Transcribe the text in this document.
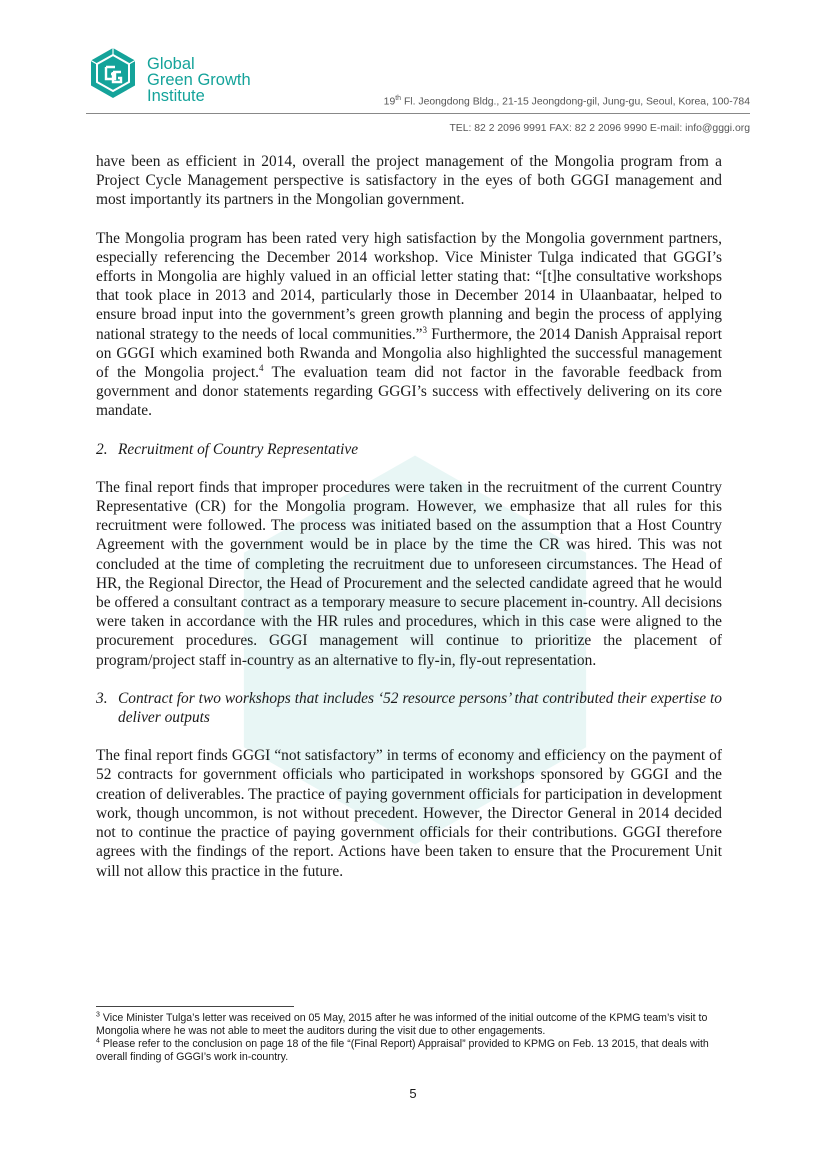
Global
Green Growth
Institute	19th Fl. Jeongdong Bldg., 21-15 Jeongdong-gil, Jung-gu, Seoul, Korea, 100-784
TEL: 82 2 2096 9991 FAX: 82 2 2096 9990 E-mail: info@gggi.org

have been as efficient in 2014, overall the project management of the Mongolia program from a Project Cycle Management perspective is satisfactory in the eyes of both GGGI management and most importantly its partners in the Mongolian government.

The Mongolia program has been rated very high satisfaction by the Mongolia government partners, especially referencing the December 2014 workshop. Vice Minister Tulga indicated that GGGI’s efforts in Mongolia are highly valued in an official letter stating that: “[t]he consultative workshops that took place in 2013 and 2014, particularly those in December 2014 in Ulaanbaatar, helped to ensure broad input into the government’s green growth planning and begin the process of applying national strategy to the needs of local communities.”$^3$ Furthermore, the 2014 Danish Appraisal report on GGGI which examined both Rwanda and Mongolia also highlighted the successful management of the Mongolia project.$^4$ The evaluation team did not factor in the favorable feedback from government and donor statements regarding GGGI’s success with effectively delivering on its core mandate.

2. Recruitment of Country Representative

The final report finds that improper procedures were taken in the recruitment of the current Country Representative (CR) for the Mongolia program. However, we emphasize that all rules for this recruitment were followed. The process was initiated based on the assumption that a Host Country Agreement with the government would be in place by the time the CR was hired. This was not concluded at the time of completing the recruitment due to unforeseen circumstances. The Head of HR, the Regional Director, the Head of Procurement and the selected candidate agreed that he would be offered a consultant contract as a temporary measure to secure placement in-country. All decisions were taken in accordance with the HR rules and procedures, which in this case were aligned to the procurement procedures. GGGI management will continue to prioritize the placement of program/project staff in-country as an alternative to fly-in, fly-out representation.

3. Contract for two workshops that includes ‘52 resource persons’ that contributed their expertise to deliver outputs

The final report finds GGGI “not satisfactory” in terms of economy and efficiency on the payment of 52 contracts for government officials who participated in workshops sponsored by GGGI and the creation of deliverables. The practice of paying government officials for participation in development work, though uncommon, is not without precedent. However, the Director General in 2014 decided not to continue the practice of paying government officials for their contributions. GGGI therefore agrees with the findings of the report. Actions have been taken to ensure that the Procurement Unit will not allow this practice in the future.

$^3$ Vice Minister Tulga’s letter was received on 05 May, 2015 after he was informed of the initial outcome of the KPMG team’s visit to Mongolia where he was not able to meet the auditors during the visit due to other engagements.

$^4$ Please refer to the conclusion on page 18 of the file “(Final Report) Appraisal” provided to KPMG on Feb. 13 2015, that deals with overall finding of GGGI’s work in-country.

5
